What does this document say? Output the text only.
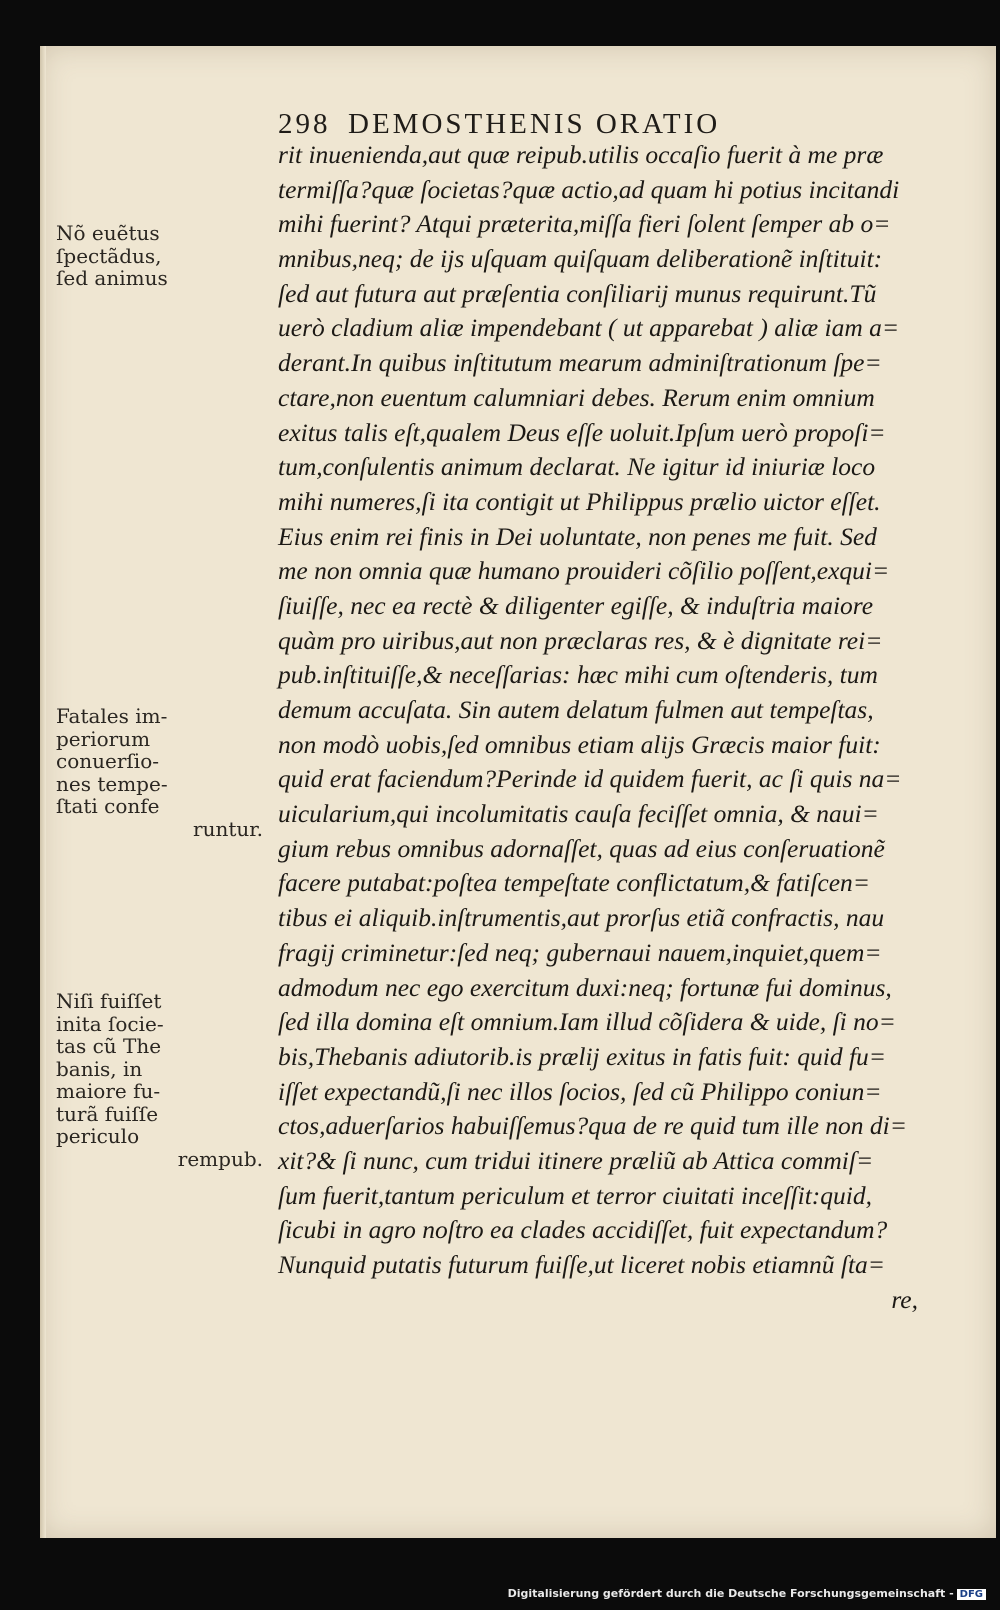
298 DEMOSTHENIS ORATIO
rit inuenienda,aut quæ reipub.utilis occaſio fuerit à me præ
termiſſa?quæ ſocietas?quæ actio,ad quam hi potius incitandi
mihi fuerint? Atqui præterita,miſſa fieri ſolent ſemper ab o=
mnibus,neq; de ijs uſquam quiſquam deliberationẽ inſtituit:
ſed aut futura aut præſentia conſiliarij munus requirunt.Tũ
uerò cladium aliæ impendebant ( ut apparebat ) aliæ iam a=
derant.In quibus inſtitutum mearum adminiſtrationum ſpe=
ctare,non euentum calumniari debes. Rerum enim omnium
exitus talis eſt,qualem Deus eſſe uoluit.Ipſum uerò propoſi=
tum,conſulentis animum declarat. Ne igitur id iniuriæ loco
mihi numeres,ſi ita contigit ut Philippus prælio uictor eſſet.
Eius enim rei finis in Dei uoluntate, non penes me fuit. Sed
me non omnia quæ humano prouideri cõſilio poſſent,exqui=
ſiuiſſe, nec ea rectè & diligenter egiſſe, & induſtria maiore
quàm pro uiribus,aut non præclaras res, & è dignitate rei=
pub.inſtituiſſe,& neceſſarias: hæc mihi cum oſtenderis, tum
demum accuſata. Sin autem delatum fulmen aut tempeſtas,
non modò uobis,ſed omnibus etiam alijs Græcis maior fuit:
quid erat faciendum?Perinde id quidem fuerit, ac ſi quis na=
uicularium,qui incolumitatis cauſa feciſſet omnia, & naui=
gium rebus omnibus adornaſſet, quas ad eius conſeruationẽ
facere putabat:poſtea tempeſtate conflictatum,& fatiſcen=
tibus ei aliquib.inſtrumentis,aut prorſus etiã confractis, nau
fragij criminetur:ſed neq; gubernaui nauem,inquiet,quem=
admodum nec ego exercitum duxi:neq; fortunæ fui dominus,
ſed illa domina eſt omnium.Iam illud cõſidera & uide, ſi no=
bis,Thebanis adiutorib.is prælij exitus in fatis fuit: quid fu=
iſſet expectandũ,ſi nec illos ſocios, ſed cũ Philippo coniun=
ctos,aduerſarios habuiſſemus?qua de re quid tum ille non di=
xit?& ſi nunc, cum tridui itinere præliũ ab Attica commiſ=
ſum fuerit,tantum periculum et terror ciuitati inceſſit:quid,
ſicubi in agro noſtro ea clades accidiſſet, fuit expectandum?
Nunquid putatis futurum fuiſſe,ut liceret nobis etiamnũ ſta=
re,
Nõ euẽtus
ſpectãdus,
ſed animus
Fatales im-
periorum
conuerſio-
nes tempe-
ſtati confe
runtur.
Niſi fuiſſet
inita ſocie-
tas cũ The
banis, in
maiore fu-
turã fuiſſe
periculo
rempub.
Digitalisierung gefördert durch die Deutsche Forschungsgemeinschaft - DFG
